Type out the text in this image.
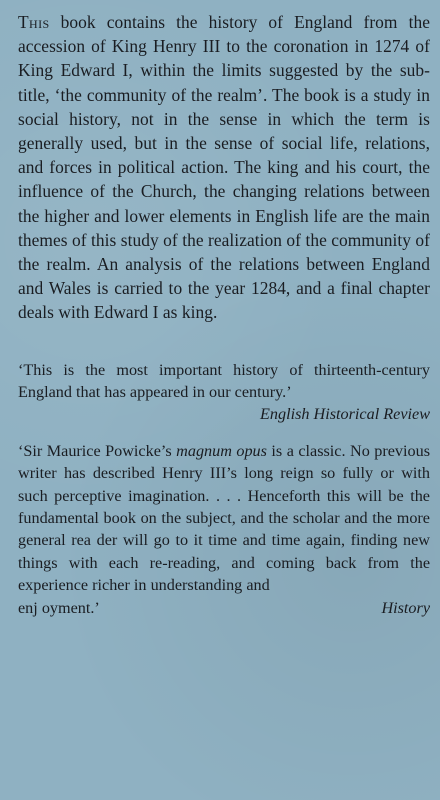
This book contains the history of England from the accession of King Henry III to the coronation in 1274 of King Edward I, within the limits suggested by the sub-title, ‘the community of the realm’. The book is a study in social history, not in the sense in which the term is generally used, but in the sense of social life, relations, and forces in political action. The king and his court, the influence of the Church, the changing relations between the higher and lower elements in English life are the main themes of this study of the realization of the community of the realm. An analysis of the relations between England and Wales is carried to the year 1284, and a final chapter deals with Edward I as king.

‘This is the most important history of thirteenth-century England that has appeared in our century.’

English Historical Review

‘Sir Maurice Powicke’s magnum opus is a classic. No previous writer has described Henry III’s long reign so fully or with such perceptive imagination. . . . Henceforth this will be the fundamental book on the subject, and the scholar and the more general rea der will go to it time and time again, finding new things with each re-reading, and coming back from the experience richer in understanding and

enj oyment.’	History
